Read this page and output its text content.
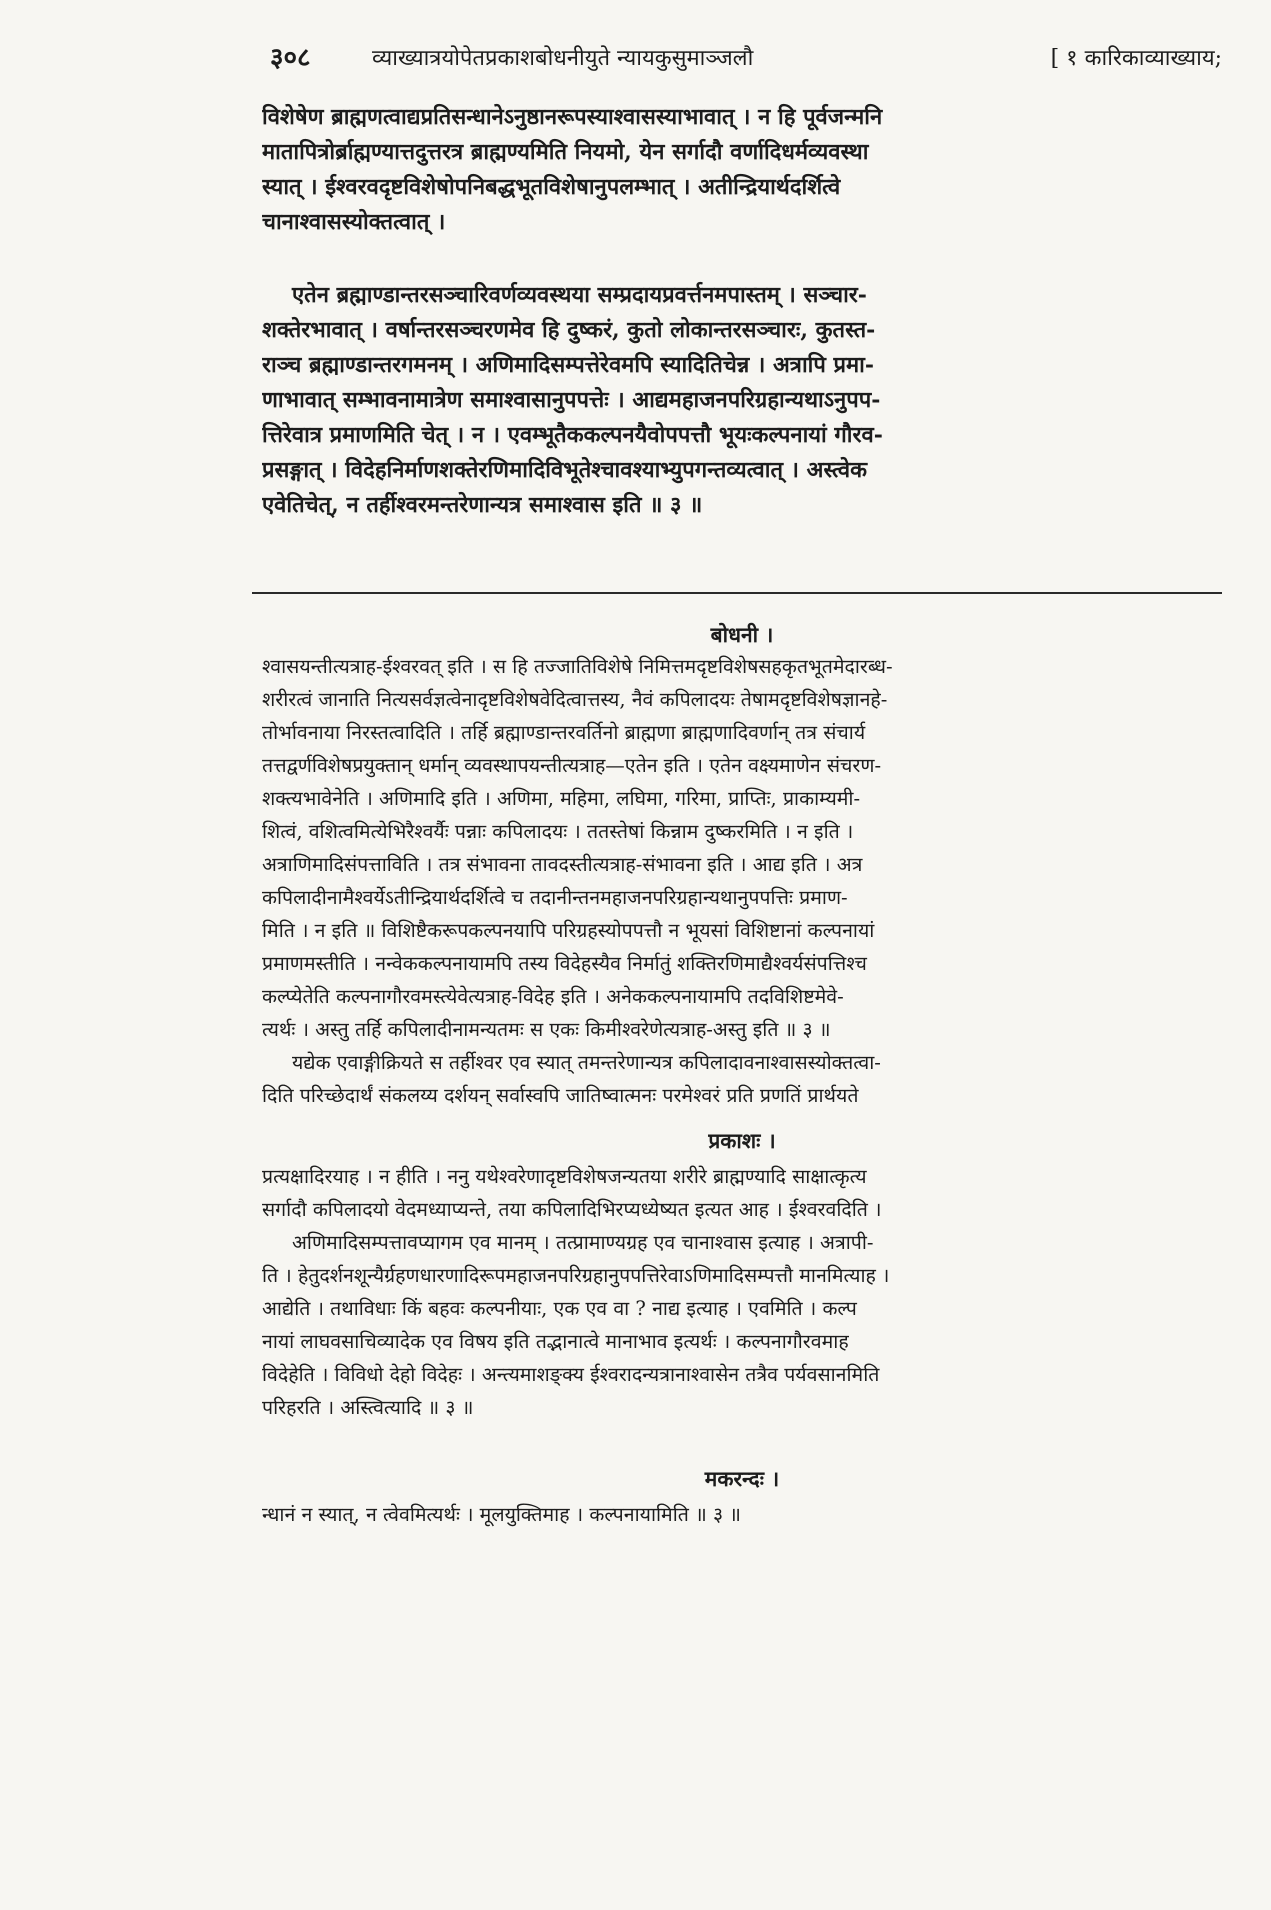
३०८	व्याख्यात्रयोपेतप्रकाशबोधनीयुते न्यायकुसुमाञ्जलौ	[ १ कारिकाव्याख्याय;
विशेषेण ब्राह्मणत्वाद्यप्रतिसन्धानेऽनुष्ठानरूपस्याश्वासस्याभावात् । न हि पूर्वजन्मनि
मातापित्रोर्ब्राह्मण्यात्तदुत्तरत्र ब्राह्मण्यमिति नियमो, येन सर्गादौ वर्णादिधर्मव्यवस्था
स्यात् । ईश्वरवदृष्टविशेषोपनिबद्धभूतविशेषानुपलम्भात् । अतीन्द्रियार्थदर्शित्वे
चानाश्वासस्योक्तत्वात् ।
एतेन ब्रह्माण्डान्तरसञ्चारिवर्णव्यवस्थया सम्प्रदायप्रवर्त्तनमपास्तम् । सञ्चार-
शक्तेरभावात् । वर्षान्तरसञ्चरणमेव हि दुष्करं, कुतो लोकान्तरसञ्चारः, कुतस्त-
राञ्च ब्रह्माण्डान्तरगमनम् । अणिमादिसम्पत्तेरेवमपि स्यादितिचेन्न । अत्रापि प्रमा-
णाभावात् सम्भावनामात्रेण समाश्वासानुपपत्तेः । आद्यमहाजनपरिग्रहान्यथाऽनुपप-
त्तिरेवात्र प्रमाणमिति चेत् । न । एवम्भूतैककल्पनयैवोपपत्तौ भूयःकल्पनायां गौरव-
प्रसङ्गात् । विदेहनिर्माणशक्तेरणिमादिविभूतेश्चावश्याभ्युपगन्तव्यत्वात् । अस्त्वेक
एवेतिचेत्, न तर्हीश्वरमन्तरेणान्यत्र समाश्वास इति ॥ ३ ॥
बोधनी ।
श्वासयन्तीत्यत्राह-ईश्वरवत् इति । स हि तज्जातिविशेषे निमित्तमदृष्टविशेषसहकृतभूतमेदारब्ध-
शरीरत्वं जानाति नित्यसर्वज्ञत्वेनादृष्टविशेषवेदित्वात्तस्य, नैवं कपिलादयः तेषामदृष्टविशेषज्ञानहे-
तोर्भावनाया निरस्तत्वादिति । तर्हि ब्रह्माण्डान्तरवर्तिनो ब्राह्मणा ब्राह्मणादिवर्णान् तत्र संचार्य
तत्तद्वर्णविशेषप्रयुक्तान् धर्मान् व्यवस्थापयन्तीत्यत्राह—एतेन इति । एतेन वक्ष्यमाणेन संचरण-
शक्त्यभावेनेति । अणिमादि इति । अणिमा, महिमा, लघिमा, गरिमा, प्राप्तिः, प्राकाम्यमी-
शित्वं, वशित्वमित्येभिरैश्वर्यैः पन्नाः कपिलादयः । ततस्तेषां किन्नाम दुष्करमिति । न इति ।
अत्राणिमादिसंपत्ताविति । तत्र संभावना तावदस्तीत्यत्राह-संभावना इति । आद्य इति । अत्र
कपिलादीनामैश्वर्येऽतीन्द्रियार्थदर्शित्वे च तदानीन्तनमहाजनपरिग्रहान्यथानुपपत्तिः प्रमाण-
मिति । न इति ॥ विशिष्टैकरूपकल्पनयापि परिग्रहस्योपपत्तौ न भूयसां विशिष्टानां कल्पनायां
प्रमाणमस्तीति । नन्वेककल्पनायामपि तस्य विदेहस्यैव निर्मातुं शक्तिरणिमाद्यैश्वर्यसंपत्तिश्च
कल्प्येतेति कल्पनागौरवमस्त्येवेत्यत्राह-विदेह इति । अनेककल्पनायामपि तदविशिष्टमेवे-
त्यर्थः । अस्तु तर्हि कपिलादीनामन्यतमः स एकः किमीश्वरेणेत्यत्राह-अस्तु इति ॥ ३ ॥
यद्येक एवाङ्गीक्रियते स तर्हीश्वर एव स्यात् तमन्तरेणान्यत्र कपिलादावनाश्वासस्योक्तत्वा-
दिति परिच्छेदार्थं संकलय्य दर्शयन् सर्वास्वपि जातिष्वात्मनः परमेश्वरं प्रति प्रणतिं प्रार्थयते
प्रकाशः ।
प्रत्यक्षादिरयाह । न हीति । ननु यथेश्वरेणादृष्टविशेषजन्यतया शरीरे ब्राह्मण्यादि साक्षात्कृत्य
सर्गादौ कपिलादयो वेदमध्याप्यन्ते, तया कपिलादिभिरप्यध्येष्यत इत्यत आह । ईश्वरवदिति ।
अणिमादिसम्पत्तावप्यागम एव मानम् । तत्प्रामाण्यग्रह एव चानाश्वास इत्याह । अत्रापी-
ति । हेतुदर्शनशून्यैर्ग्रहणधारणादिरूपमहाजनपरिग्रहानुपपत्तिरेवाऽणिमादिसम्पत्तौ मानमित्याह ।
आद्येति । तथाविधाः किं बहवः कल्पनीयाः, एक एव वा ? नाद्य इत्याह । एवमिति । कल्प
नायां लाघवसाचिव्यादेक एव विषय इति तद्भानात्वे मानाभाव इत्यर्थः । कल्पनागौरवमाह
विदेहेति । विविधो देहो विदेहः । अन्त्यमाशङ्क्य ईश्वरादन्यत्रानाश्वासेन तत्रैव पर्यवसानमिति
परिहरति । अस्त्वित्यादि ॥ ३ ॥
मकरन्दः ।
न्धानं न स्यात्, न त्वेवमित्यर्थः । मूलयुक्तिमाह । कल्पनायामिति ॥ ३ ॥
